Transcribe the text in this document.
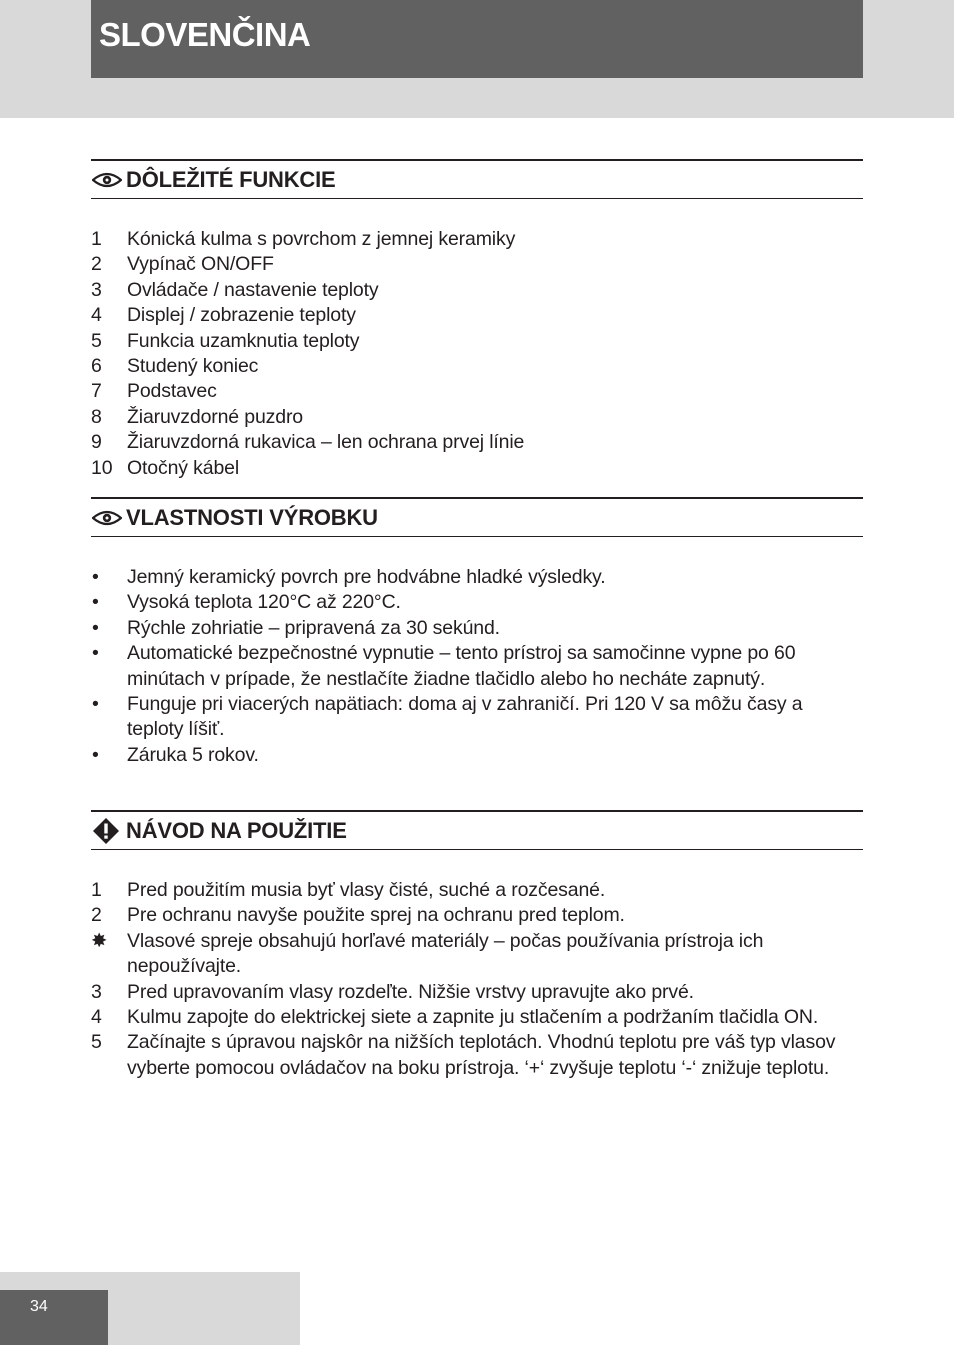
SLOVENČINA
DÔLEŽITÉ FUNKCIE
1	Kónická kulma s povrchom z jemnej keramiky
2	Vypínač ON/OFF
3	Ovládače / nastavenie teploty
4	Displej / zobrazenie teploty
5	Funkcia uzamknutia teploty
6	Studený koniec
7	Podstavec
8	Žiaruvzdorné puzdro
9	Žiaruvzdorná rukavica – len ochrana prvej línie
10 Otočný kábel
VLASTNOSTI VÝROBKU
•	Jemný keramický povrch pre hodvábne hladké výsledky.
•	Vysoká teplota 120°C až 220°C.
•	Rýchle zohriatie – pripravená za 30 sekúnd.
•	Automatické bezpečnostné vypnutie – tento prístroj sa samočinne vypne po 60 minútach v prípade, že nestlačíte žiadne tlačidlo alebo ho necháte zapnutý.
•	Funguje pri viacerých napätiach: doma aj v zahraničí. Pri 120 V sa môžu časy a teploty líšiť.
•	Záruka 5 rokov.
NÁVOD NA POUŽITIE
1	Pred použitím musia byť vlasy čisté, suché a rozčesané.
2	Pre ochranu navyše použite sprej na ochranu pred teplom.
✸	Vlasové spreje obsahujú horľavé materiály – počas používania prístroja ich nepoužívajte.
3	Pred upravovaním vlasy rozdeľte. Nižšie vrstvy upravujte ako prvé.
4	Kulmu zapojte do elektrickej siete a zapnite ju stlačením a podržaním tlačidla ON.
5	Začínajte s úpravou najskôr na nižších teplotách. Vhodnú teplotu pre váš typ vlasov vyberte pomocou ovládačov na boku prístroja. ‘+‘ zvyšuje teplotu ‘-‘ znižuje teplotu.
34
